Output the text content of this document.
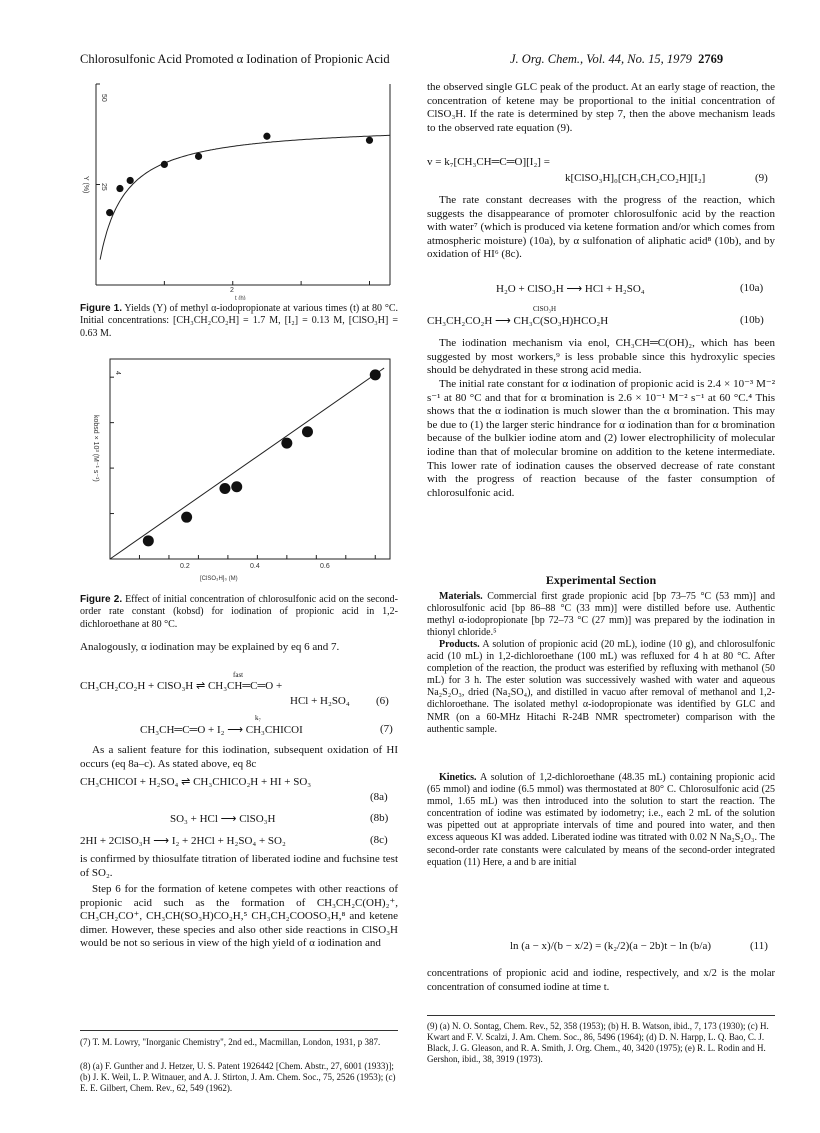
Chlorosulfonic Acid Promoted α Iodination of Propionic Acid	J. Org. Chem., Vol. 44, No. 15, 1979 2769
50
25
Y (%)
2
t (h)
Figure 1. Yields (Y) of methyl α-iodopropionate at various times (t) at 80 °C. Initial concentrations: [CH₃CH₂CO₂H] = 1.7 M, [I₂] = 0.13 M, [ClSO₃H] = 0.63 M.
4
kobsd × 10³ (M⁻¹ s⁻¹)
0.2	0.4	0.6
[ClSO₃H]₀ (M)
Figure 2. Effect of initial concentration of chlorosulfonic acid on the second-order rate constant (kobsd) for iodination of propionic acid in 1,2-dichloroethane at 80 °C.

Analogously, α iodination may be explained by eq 6 and 7.

CH₃CH₂CO₂H + ClSO₃H ⇌ CH₃CH═C═O +
fast
HCl + H₂SO₄ (6)
CH₃CH═C═O + I₂ ⟶ CH₃CHICOI
k₇
(7)

As a salient feature for this iodination, subsequent oxidation of HI occurs (eq 8a–c). As stated above, eq 8c

CH₃CHICOI + H₂SO₄ ⇌ CH₃CHICO₂H + HI + SO₃
(8a)
SO₃ + HCl ⟶ ClSO₃H	(8b)
2HI + 2ClSO₃H ⟶ I₂ + 2HCl + H₂SO₄ + SO₂	(8c)

is confirmed by thiosulfate titration of liberated iodine and fuchsine test of SO₂.

Step 6 for the formation of ketene competes with other reactions of propionic acid such as the formation of CH₃CH₂C(OH)₂⁺, CH₃CH₂CO⁺, CH₃CH(SO₃H)CO₂H,⁵ CH₃CH₂COOSO₃H,⁸ and ketene dimer. However, these species and also other side reactions in ClSO₃H would be not so serious in view of the high yield of α iodination and

(7) T. M. Lowry, "Inorganic Chemistry", 2nd ed., Macmillan, London, 1931, p 387.
(8) (a) F. Gunther and J. Hetzer, U. S. Patent 1926442 [Chem. Abstr., 27, 6001 (1933)]; (b) J. K. Weil, L. P. Witnauer, and A. J. Stirton, J. Am. Chem. Soc., 75, 2526 (1953); (c) E. E. Gilbert, Chem. Rev., 62, 549 (1962).

the observed single GLC peak of the product. At an early stage of reaction, the concentration of ketene may be proportional to the initial concentration of ClSO₃H. If the rate is determined by step 7, then the above mechanism leads to the observed rate equation (9).

v = k₇[CH₃CH═C═O][I₂] =
k[ClSO₃H]₀[CH₃CH₂CO₂H][I₂]	(9)

The rate constant decreases with the progress of the reaction, which suggests the disappearance of promoter chlorosulfonic acid by the reaction with water⁷ (which is produced via ketene formation and/or which comes from atmospheric moisture) (10a), by α sulfonation of aliphatic acid⁸ (10b), and by oxidation of HI⁶ (8c).

H₂O + ClSO₃H ⟶ HCl + H₂SO₄	(10a)
CH₃CH₂CO₂H ⟶ CH₃C(SO₃H)HCO₂H
ClSO₃H
(10b)

The iodination mechanism via enol, CH₃CH═C(OH)₂, which has been suggested by most workers,⁹ is less probable since this hydroxylic species should be dehydrated in these strong acid media.

The initial rate constant for α iodination of propionic acid is 2.4 × 10⁻³ M⁻² s⁻¹ at 80 °C and that for α bromination is 2.6 × 10⁻¹ M⁻² s⁻¹ at 60 °C.⁴ This shows that the α iodination is much slower than the α bromination. This may be due to (1) the larger steric hindrance for α iodination than for α bromination because of the bulkier iodine atom and (2) lower electrophilicity of molecular iodine than that of molecular bromine on addition to the ketene intermediate. This lower rate of iodination causes the observed decrease of rate constant with the progress of reaction because of the faster consumption of chlorosulfonic acid.

Experimental Section
Materials. Commercial first grade propionic acid [bp 73–75 °C (53 mm)] and chlorosulfonic acid [bp 86–88 °C (33 mm)] were distilled before use. Authentic methyl α-iodopropionate [bp 72–73 °C (27 mm)] was prepared by the iodination in thionyl chloride.⁵
Products. A solution of propionic acid (20 mL), iodine (10 g), and chlorosulfonic acid (10 mL) in 1,2-dichloroethane (100 mL) was refluxed for 4 h at 80 °C. After completion of the reaction, the product was esterified by refluxing with methanol (50 mL) for 3 h. The ester solution was successively washed with water and aqueous Na₂S₂O₃, dried (Na₂SO₄), and distilled in vacuo after removal of methanol and 1,2-dichloroethane. The isolated methyl α-iodopropionate was identified by GLC and NMR (on a 60-MHz Hitachi R-24B NMR spectrometer) comparison with the authentic sample.
Kinetics. A solution of 1,2-dichloroethane (48.35 mL) containing propionic acid (65 mmol) and iodine (6.5 mmol) was thermostated at 80° C. Chlorosulfonic acid (25 mmol, 1.65 mL) was then introduced into the solution to start the reaction. The concentration of iodine was estimated by iodometry; i.e., each 2 mL of the solution was pipetted out at appropriate intervals of time and poured into water, and then excess aqueous KI was added. Liberated iodine was titrated with 0.02 N Na₂S₂O₃. The second-order rate constants were calculated by means of the second-order integrated equation (11) Here, a and b are initial
ln (a − x)/(b − x/2) = (k₂/2)(a − 2b)t − ln (b/a)	(11)

concentrations of propionic acid and iodine, respectively, and x/2 is the molar concentration of consumed iodine at time t.

(9) (a) N. O. Sontag, Chem. Rev., 52, 358 (1953); (b) H. B. Watson, ibid., 7, 173 (1930); (c) H. Kwart and F. V. Scalzi, J. Am. Chem. Soc., 86, 5496 (1964); (d) D. N. Harpp, L. Q. Bao, C. J. Black, J. G. Gleason, and R. A. Smith, J. Org. Chem., 40, 3420 (1975); (e) R. L. Rodin and H. Gershon, ibid., 38, 3919 (1973).
